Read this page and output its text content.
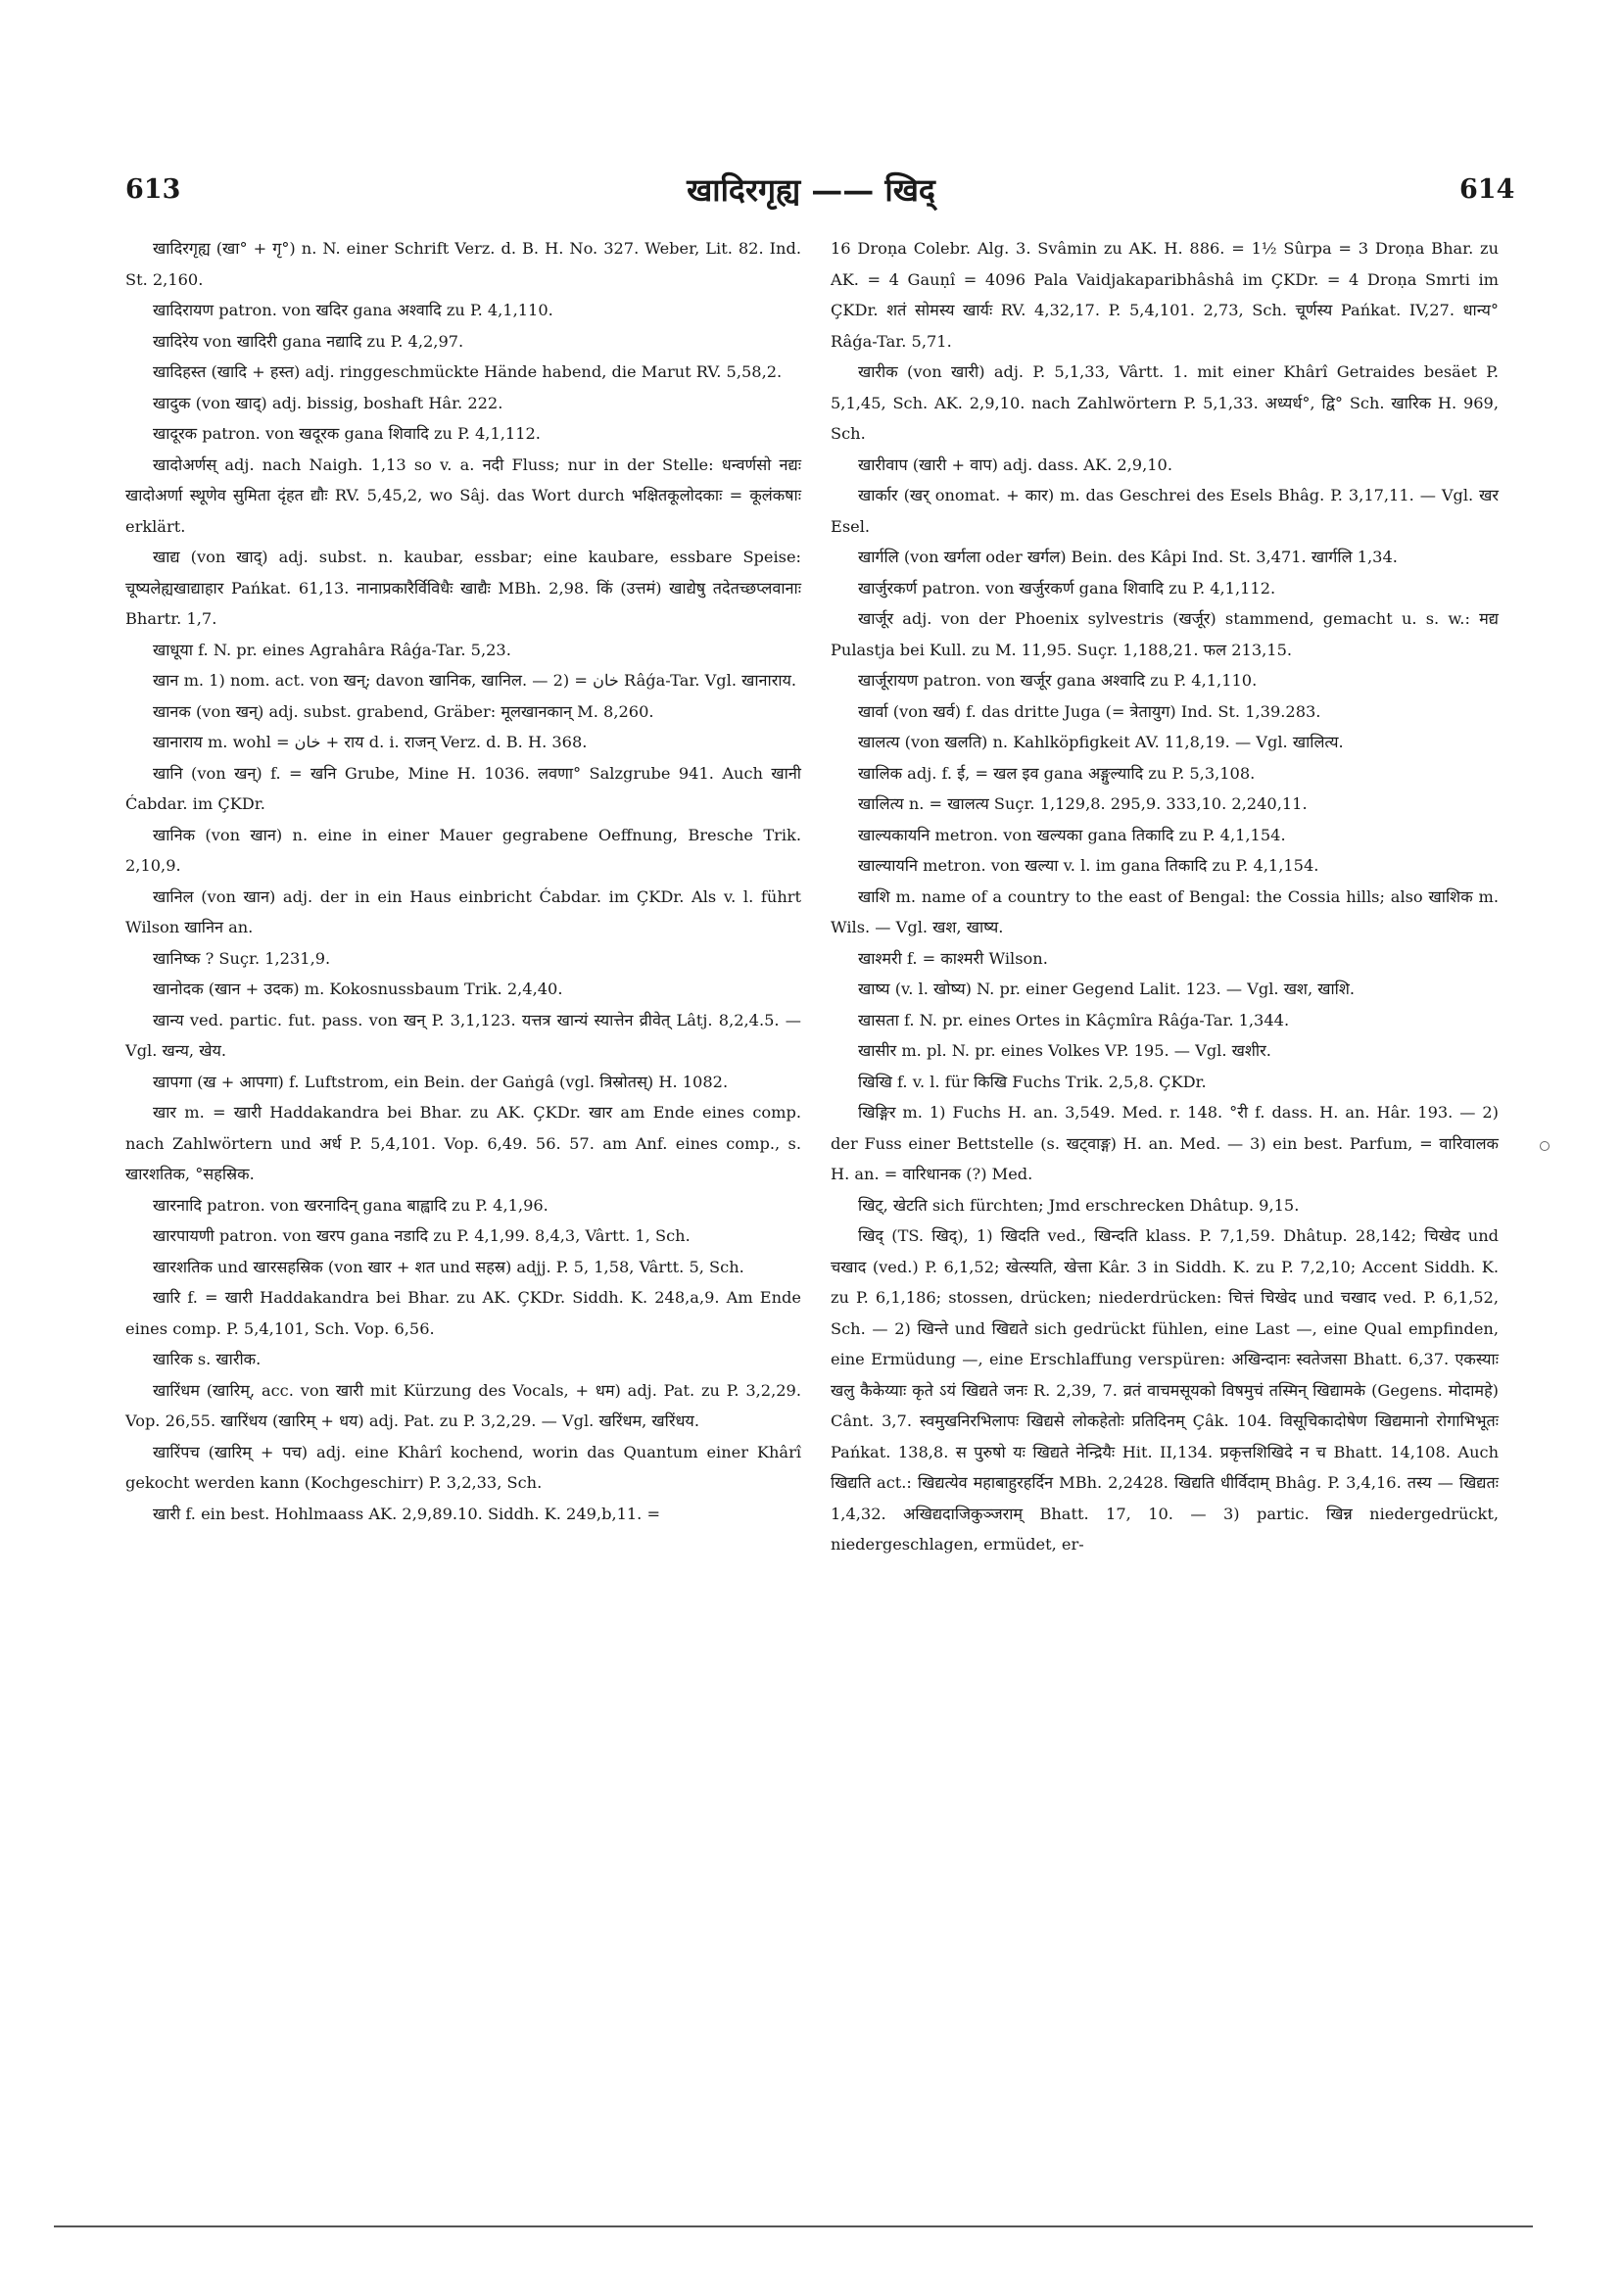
613	खादिरगृह्य —— खिद्	614

खादिरगृह्य (खा° + गृ°) n. N. einer Schrift Verz. d. B. H. No. 327. Weber, Lit. 82. Ind. St. 2,160.

खादिरायण patron. von खदिर gana अश्वादि zu P. 4,1,110.

खादिरेय von खादिरी gana नद्यादि zu P. 4,2,97.

खादिहस्त (खादि + हस्त) adj. ringgeschmückte Hände habend, die Marut RV. 5,58,2.

खादुक (von खाद्) adj. bissig, boshaft Hâr. 222.

खादूरक patron. von खदूरक gana शिवादि zu P. 4,1,112.

खादोअर्णस् adj. nach Naigh. 1,13 so v. a. नदी Fluss; nur in der Stelle: धन्वर्णसो नद्यः खादोअर्णा स्थूणेव सुमिता दृंहत द्यौः RV. 5,45,2, wo Sâj. das Wort durch भक्षितकूलोदकाः = कूलंकषाः erklärt.

खाद्य (von खाद्) adj. subst. n. kaubar, essbar; eine kaubare, essbare Speise: चूष्यलेह्यखाद्याहार Pańkat. 61,13. नानाप्रकारैर्विविधैः खाद्यैः MBh. 2,98. किं (उत्तमं) खाद्येषु तदेतच्छप्लवानाः Bhartr. 1,7.

खाधूया f. N. pr. eines Agrahâra Râǵa-Tar. 5,23.

खान m. 1) nom. act. von खन्; davon खानिक, खानिल. — 2) = خان Râǵa-Tar. Vgl. खानाराय.

खानक (von खन्) adj. subst. grabend, Gräber: मूलखानकान् M. 8,260.

खानाराय m. wohl = خان + राय d. i. राजन् Verz. d. B. H. 368.

खानि (von खन्) f. = खनि Grube, Mine H. 1036. लवणा° Salzgrube 941. Auch खानी Ćabdar. im ÇKDr.

खानिक (von खान) n. eine in einer Mauer gegrabene Oeffnung, Bresche Trik. 2,10,9.

खानिल (von खान) adj. der in ein Haus einbricht Ćabdar. im ÇKDr. Als v. l. führt Wilson खानिन an.

खानिष्क ? Suçr. 1,231,9.

खानोदक (खान + उदक) m. Kokosnussbaum Trik. 2,4,40.

खान्य ved. partic. fut. pass. von खन् P. 3,1,123. यत्तत्र खान्यं स्यात्तेन व्रीवेत् Lâtj. 8,2,4.5. — Vgl. खन्य, खेय.

खापगा (ख + आपगा) f. Luftstrom, ein Bein. der Gaṅgâ (vgl. त्रिस्रोतस्) H. 1082.

खार m. = खारी Haddakandra bei Bhar. zu AK. ÇKDr. खार am Ende eines comp. nach Zahlwörtern und अर्ध P. 5,4,101. Vop. 6,49. 56. 57. am Anf. eines comp., s. खारशतिक, °सहस्रिक.

खारनादि patron. von खरनादिन् gana बाह्वादि zu P. 4,1,96.

खारपायणी patron. von खरप gana नडादि zu P. 4,1,99. 8,4,3, Vârtt. 1, Sch.

खारशतिक und खारसहस्रिक (von खार + शत und सहस्र) adjj. P. 5, 1,58, Vârtt. 5, Sch.

खारि f. = खारी Haddakandra bei Bhar. zu AK. ÇKDr. Siddh. K. 248,a,9. Am Ende eines comp. P. 5,4,101, Sch. Vop. 6,56.

खारिक s. खारीक.

खारिंधम (खारिम्, acc. von खारी mit Kürzung des Vocals, + धम) adj. Pat. zu P. 3,2,29. Vop. 26,55. खारिंधय (खारिम् + धय) adj. Pat. zu P. 3,2,29. — Vgl. खरिंधम, खरिंधय.

खारिंपच (खारिम् + पच) adj. eine Khârî kochend, worin das Quantum einer Khârî gekocht werden kann (Kochgeschirr) P. 3,2,33, Sch.

खारी f. ein best. Hohlmaass AK. 2,9,89.10. Siddh. K. 249,b,11. =

16 Droṇa Colebr. Alg. 3. Svâmin zu AK. H. 886. = 1½ Sûrpa = 3 Droṇa Bhar. zu AK. = 4 Gauṇî = 4096 Pala Vaidjakaparibhâshâ im ÇKDr. = 4 Droṇa Smrti im ÇKDr. शतं सोमस्य खार्यः RV. 4,32,17. P. 5,4,101. 2,73, Sch. चूर्णस्य Pańkat. IV,27. धान्य° Râǵa-Tar. 5,71.

खारीक (von खारी) adj. P. 5,1,33, Vârtt. 1. mit einer Khârî Getraides besäet P. 5,1,45, Sch. AK. 2,9,10. nach Zahlwörtern P. 5,1,33. अध्यर्ध°, द्वि° Sch. खारिक H. 969, Sch.

खारीवाप (खारी + वाप) adj. dass. AK. 2,9,10.

खार्कार (खर् onomat. + कार) m. das Geschrei des Esels Bhâg. P. 3,17,11. — Vgl. खर Esel.

खार्गलि (von खर्गला oder खर्गल) Bein. des Kâpi Ind. St. 3,471. खार्गलि 1,34.

खार्जुरकर्ण patron. von खर्जुरकर्ण gana शिवादि zu P. 4,1,112.

खार्जूर adj. von der Phoenix sylvestris (खर्जूर) stammend, gemacht u. s. w.: मद्य Pulastja bei Kull. zu M. 11,95. Suçr. 1,188,21. फल 213,15.

खार्जूरायण patron. von खर्जूर gana अश्वादि zu P. 4,1,110.

खार्वा (von खर्व) f. das dritte Juga (= त्रेतायुग) Ind. St. 1,39.283.

खालत्य (von खलति) n. Kahlköpfigkeit AV. 11,8,19. — Vgl. खालित्य.

खालिक adj. f. ई, = खल इव gana अङ्गुल्यादि zu P. 5,3,108.

खालित्य n. = खालत्य Suçr. 1,129,8. 295,9. 333,10. 2,240,11.

खाल्यकायनि metron. von खल्यका gana तिकादि zu P. 4,1,154.

खाल्यायनि metron. von खल्या v. l. im gana तिकादि zu P. 4,1,154.

खाशि m. name of a country to the east of Bengal: the Cossia hills; also खाशिक m. Wils. — Vgl. खश, खाष्य.

खाश्मरी f. = काश्मरी Wilson.

खाष्य (v. l. खोष्य) N. pr. einer Gegend Lalit. 123. — Vgl. खश, खाशि.

खासता f. N. pr. eines Ortes in Kâçmîra Râǵa-Tar. 1,344.

खासीर m. pl. N. pr. eines Volkes VP. 195. — Vgl. खशीर.

खिखि f. v. l. für किखि Fuchs Trik. 2,5,8. ÇKDr.

खिङ्गिर m. 1) Fuchs H. an. 3,549. Med. r. 148. °री f. dass. H. an. Hâr. 193. — 2) der Fuss einer Bettstelle (s. खट्वाङ्ग) H. an. Med. — 3) ein best. Parfum, = वारिवालक H. an. = वारिधानक (?) Med.

खिट्, खेटति sich fürchten; Jmd erschrecken Dhâtup. 9,15.

खिद् (TS. खिद्), 1) खिदति ved., खिन्दति klass. P. 7,1,59. Dhâtup. 28,142; चिखेद und चखाद (ved.) P. 6,1,52; खेत्स्यति, खेत्ता Kâr. 3 in Siddh. K. zu P. 7,2,10; Accent Siddh. K. zu P. 6,1,186; stossen, drücken; niederdrücken: चित्तं चिखेद und चखाद ved. P. 6,1,52, Sch. — 2) खिन्ते und खिद्यते sich gedrückt fühlen, eine Last —, eine Qual empfinden, eine Ermüdung —, eine Erschlaffung verspüren: अखिन्दानः स्वतेजसा Bhatt. 6,37. एकस्याः खलु कैकेय्याः कृते ऽयं खिद्यते जनः R. 2,39, 7. व्रतं वाचमसूयको विषमुचं तस्मिन् खिद्यामके (Gegens. मोदामहे) Cânt. 3,7. स्वमुखनिरभिलापः खिद्यसे लोकहेतोः प्रतिदिनम् Çâk. 104. विसूचिकादोषेण खिद्यमानो रोगाभिभूतः Pańkat. 138,8. स पुरुषो यः खिद्यते नेन्द्रियैः Hit. II,134. प्रकृत्तशिखिदे न च Bhatt. 14,108. Auch खिद्यति act.: खिद्यत्येव महाबाहुरहर्दिन MBh. 2,2428. खिद्यति धीर्विदाम् Bhâg. P. 3,4,16. तस्य — खिद्यतः 1,4,32. अखिद्यदाजिकुञ्जराम् Bhatt. 17, 10. — 3) partic. खिन्न niedergedrückt, niedergeschlagen, ermüdet, er-
